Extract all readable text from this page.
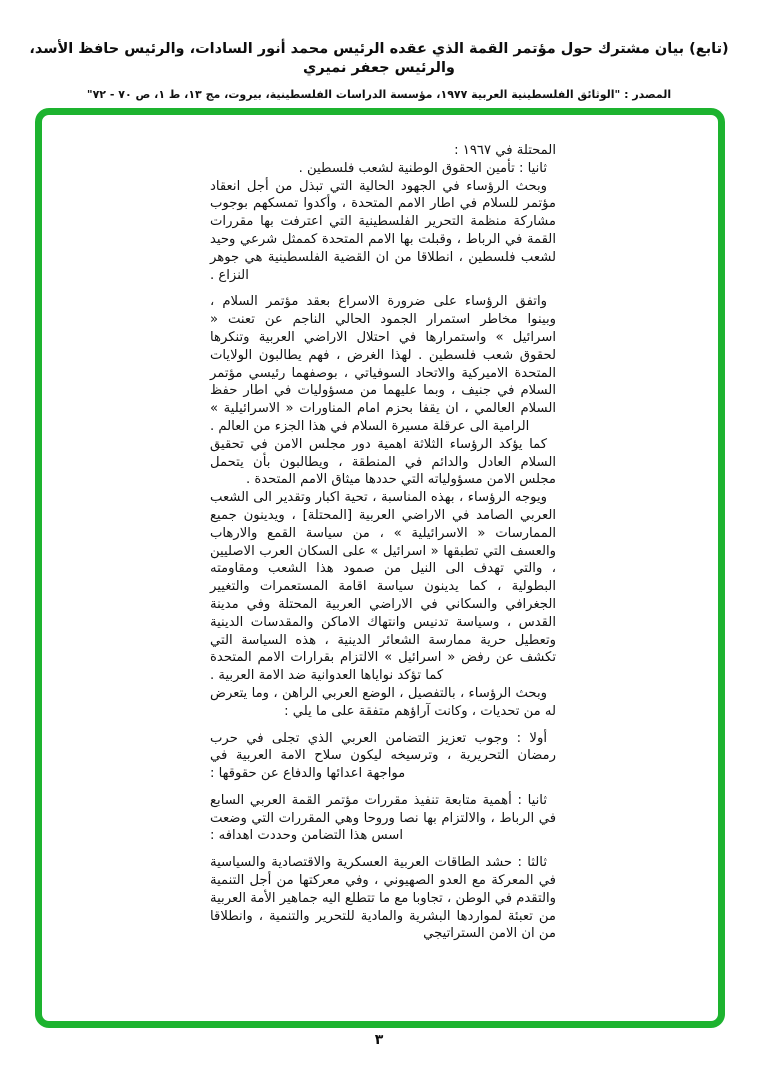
(تابع) بيان مشترك حول مؤتمر القمة الذي عقده الرئيس محمد أنور السادات، والرئيس حافظ الأسد، والرئيس جعفر نميري
المصدر : "الوثائق الفلسطينية العربية ١٩٧٧، مؤسسة الدراسات الفلسطينية، بيروت، مج ١٣، ط ١، ص ٧٠ - ٧٢"

المحتلة في ١٩٦٧ :

ثانيا : تأمين الحقوق الوطنية لشعب فلسطين .

وبحث الرؤساء في الجهود الحالية التي تبذل من أجل انعقاد مؤتمر للسلام في اطار الامم المتحدة ، وأكدوا تمسكهم بوجوب مشاركة منظمة التحرير الفلسطينية التي اعترفت بها مقررات القمة في الرباط ، وقبلت بها الامم المتحدة كممثل شرعي وحيد لشعب فلسطين ، انطلاقا من ان القضية الفلسطينية هي جوهر النزاع .

واتفق الرؤساء على ضرورة الاسراع بعقد مؤتمر السلام ، وبينوا مخاطر استمرار الجمود الحالي الناجم عن تعنت « اسرائيل » واستمرارها في احتلال الاراضي العربية وتنكرها لحقوق شعب فلسطين . لهذا الغرض ، فهم يطالبون الولايات المتحدة الاميركية والاتحاد السوفياتي ، بوصفهما رئيسي مؤتمر السلام في جنيف ، وبما عليهما من مسؤوليات في اطار حفظ السلام العالمي ، ان يقفا بحزم امام المناورات « الاسرائيلية » الرامية الى عرقلة مسيرة السلام في هذا الجزء من العالم .

كما يؤكد الرؤساء الثلاثة اهمية دور مجلس الامن في تحقيق السلام العادل والدائم في المنطقة ، ويطالبون بأن يتحمل مجلس الامن مسؤولياته التي حددها ميثاق الامم المتحدة .

ويوجه الرؤساء ، بهذه المناسبة ، تحية اكبار وتقدير الى الشعب العربي الصامد في الاراضي العربية [المحتلة] ، ويدينون جميع الممارسات « الاسرائيلية » ، من سياسة القمع والارهاب والعسف التي تطبقها « اسرائيل » على السكان العرب الاصليين ، والتي تهدف الى النيل من صمود هذا الشعب ومقاومته البطولية ، كما يدينون سياسة اقامة المستعمرات والتغيير الجغرافي والسكاني في الاراضي العربية المحتلة وفي مدينة القدس ، وسياسة تدنيس وانتهاك الاماكن والمقدسات الدينية وتعطيل حرية ممارسة الشعائر الدينية ، هذه السياسة التي تكشف عن رفض « اسرائيل » الالتزام بقرارات الامم المتحدة كما تؤكد نواياها العدوانية ضد الامة العربية .

وبحث الرؤساء ، بالتفصيل ، الوضع العربي الراهن ، وما يتعرض له من تحديات ، وكانت آراؤهم متفقة على ما يلي :

أولا : وجوب تعزيز التضامن العربي الذي تجلى في حرب رمضان التحريرية ، وترسيخه ليكون سلاح الامة العربية في مواجهة اعدائها والدفاع عن حقوقها :

ثانيا : أهمية متابعة تنفيذ مقررات مؤتمر القمة العربي السابع في الرباط ، والالتزام بها نصا وروحا وهي المقررات التي وضعت اسس هذا التضامن وحددت اهدافه :

ثالثا : حشد الطاقات العربية العسكرية والاقتصادية والسياسية في المعركة مع العدو الصهيوني ، وفي معركتها من أجل التنمية والتقدم في الوطن ، تجاوبا مع ما تتطلع اليه جماهير الأمة العربية من تعبئة لمواردها البشرية والمادية للتحرير والتنمية ، وانطلاقا من ان الامن الستراتيجي

٣
